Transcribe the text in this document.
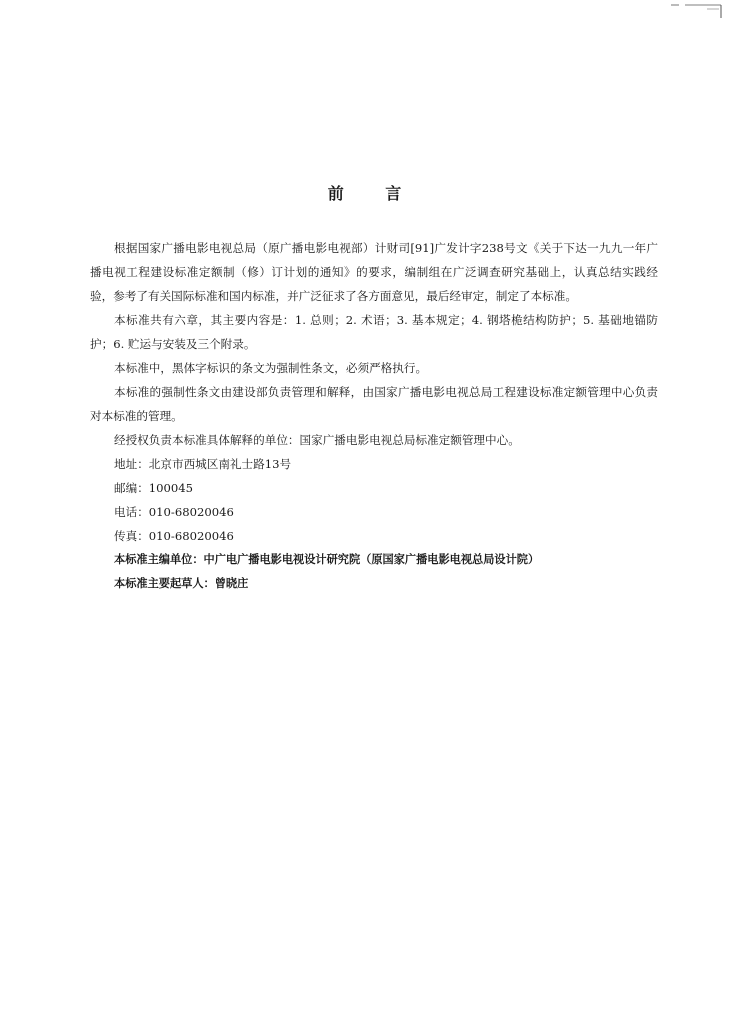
前 言

根据国家广播电影电视总局（原广播电影电视部）计财司[91]广发计字238号文《关于下达一九九一年广播电视工程建设标准定额制（修）订计划的通知》的要求，编制组在广泛调查研究基础上，认真总结实践经验，参考了有关国际标准和国内标准，并广泛征求了各方面意见，最后经审定，制定了本标准。

本标准共有六章，其主要内容是：1. 总则；2. 术语；3. 基本规定；4. 钢塔桅结构防护；5. 基础地锚防护；6. 贮运与安装及三个附录。

本标准中，黑体字标识的条文为强制性条文，必须严格执行。

本标准的强制性条文由建设部负责管理和解释，由国家广播电影电视总局工程建设标准定额管理中心负责对本标准的管理。

经授权负责本标准具体解释的单位：国家广播电影电视总局标准定额管理中心。

地址：北京市西城区南礼士路13号

邮编：100045

电话：010-68020046

传真：010-68020046

本标准主编单位：中广电广播电影电视设计研究院（原国家广播电影电视总局设计院）

本标准主要起草人：曾晓庄
